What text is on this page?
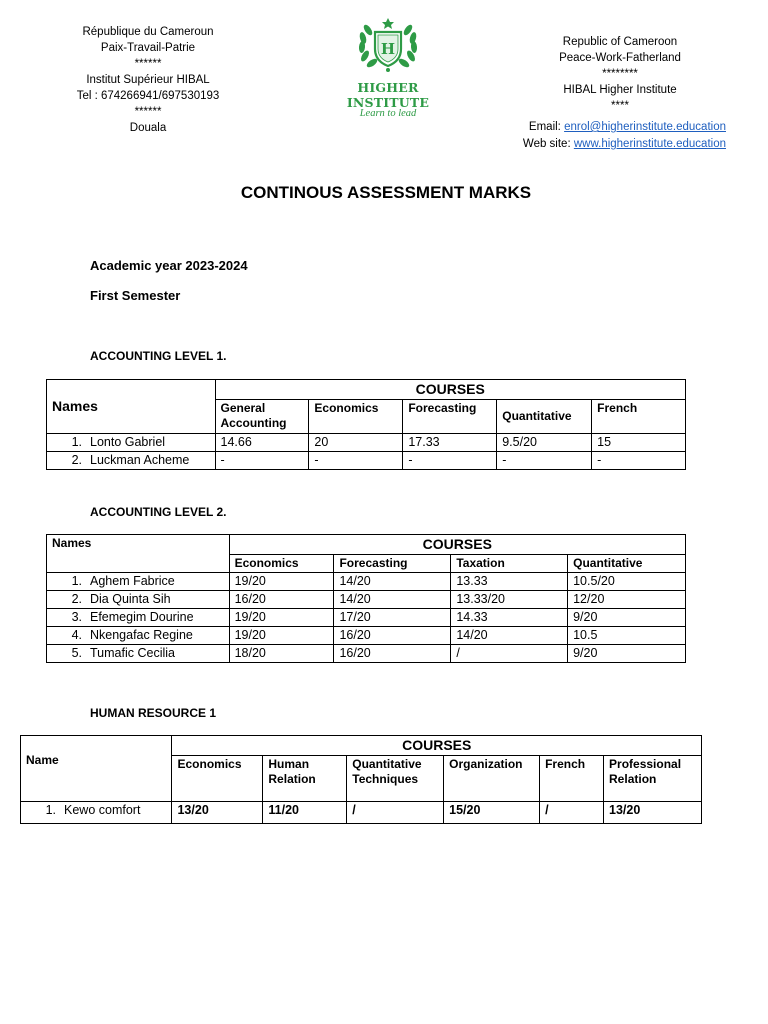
République du Cameroun
Paix-Travail-Patrie
******
Institut Supérieur HIBAL
Tel : 674266941/697530193
******
Douala
H
HIGHER INSTITUTE
Learn to lead
Republic of Cameroon
Peace-Work-Fatherland
********
HIBAL Higher Institute
****
Email: enrol@higherinstitute.education
Web site: www.higherinstitute.education
CONTINOUS ASSESSMENT MARKS
Academic year 2023-2024
First Semester
ACCOUNTING LEVEL 1.
Names	COURSES				
	General Accounting	Economics	Forecasting	Quantitative	French
1. Lonto Gabriel	14.66	20	17.33	9.5/20	15
2. Luckman Acheme	-	-	-	-	-
ACCOUNTING LEVEL 2.
Names	COURSES			
	Economics	Forecasting	Taxation	Quantitative
1. Aghem Fabrice	19/20	14/20	13.33	10.5/20
2. Dia Quinta Sih	16/20	14/20	13.33/20	12/20
3. Efemegim Dourine	19/20	17/20	14.33	9/20
4. Nkengafac Regine	19/20	16/20	14/20	10.5
5. Tumafic Cecilia	18/20	16/20	/	9/20
HUMAN RESOURCE 1
Name	COURSES					
	Economics	Human Relation	Quantitative Techniques	Organization	French	Professional Relation
1. Kewo comfort	13/20	11/20	/	15/20	/	13/20
